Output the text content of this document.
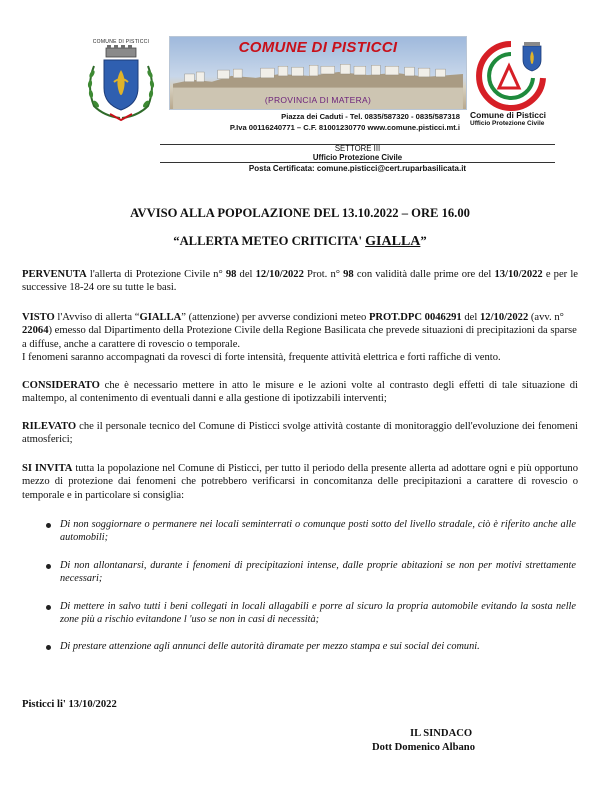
COMUNE DI PISTICCI	COMUNE DI PISTICCI
(PROVINCIA DI MATERA)
Comune di Pisticci
Ufficio Protezione Civile
Piazza dei Caduti - Tel. 0835/587320 - 0835/587318
P.Iva 00116240771 – C.F. 81001230770 www.comune.pisticci.mt.i
SETTORE III
Ufficio Protezione Civile
Posta Certificata: comune.pisticci@cert.ruparbasilicata.it
AVVISO ALLA POPOLAZIONE DEL 13.10.2022 – ORE 16.00
“ALLERTA METEO CRITICITA' GIALLA”
PERVENUTA l'allerta di Protezione Civile n° 98 del 12/10/2022 Prot. n° 98 con validità dalle prime ore del 13/10/2022 e per le successive 18-24 ore su tutte le basi.
VISTO l'Avviso di allerta “GIALLA” (attenzione) per avverse condizioni meteo PROT.DPC 0046291 del 12/10/2022 (avv. n° 22064) emesso dal Dipartimento della Protezione Civile della Regione Basilicata che prevede situazioni di precipitazioni da sparse a diffuse, anche a carattere di rovescio o temporale.
I fenomeni saranno accompagnati da rovesci di forte intensità, frequente attività elettrica e forti raffiche di vento.
CONSIDERATO che è necessario mettere in atto le misure e le azioni volte al contrasto degli effetti di tale situazione di maltempo, al contenimento di eventuali danni e alla gestione di ipotizzabili interventi;
RILEVATO che il personale tecnico del Comune di Pisticci svolge attività costante di monitoraggio dell'evoluzione dei fenomeni atmosferici;
SI INVITA tutta la popolazione nel Comune di Pisticci, per tutto il periodo della presente allerta ad adottare ogni e più opportuno mezzo di protezione dai fenomeni che potrebbero verificarsi in concomitanza delle precipitazioni a carattere di rovescio o temporale e in particolare si consiglia:
Di non soggiornare o permanere nei locali seminterrati o comunque posti sotto del livello stradale, ciò è riferito anche alle automobili;
Di non allontanarsi, durante i fenomeni di precipitazioni intense, dalle proprie abitazioni se non per motivi strettamente necessari;
Di mettere in salvo tutti i beni collegati in locali allagabili e porre al sicuro la propria automobile evitando la sosta nelle zone più a rischio evitandone l 'uso se non in casi di necessità;
Di prestare attenzione agli annunci delle autorità diramate per mezzo stampa e sui social dei comuni.
Pisticci li' 13/10/2022
IL SINDACO
Dott Domenico Albano
